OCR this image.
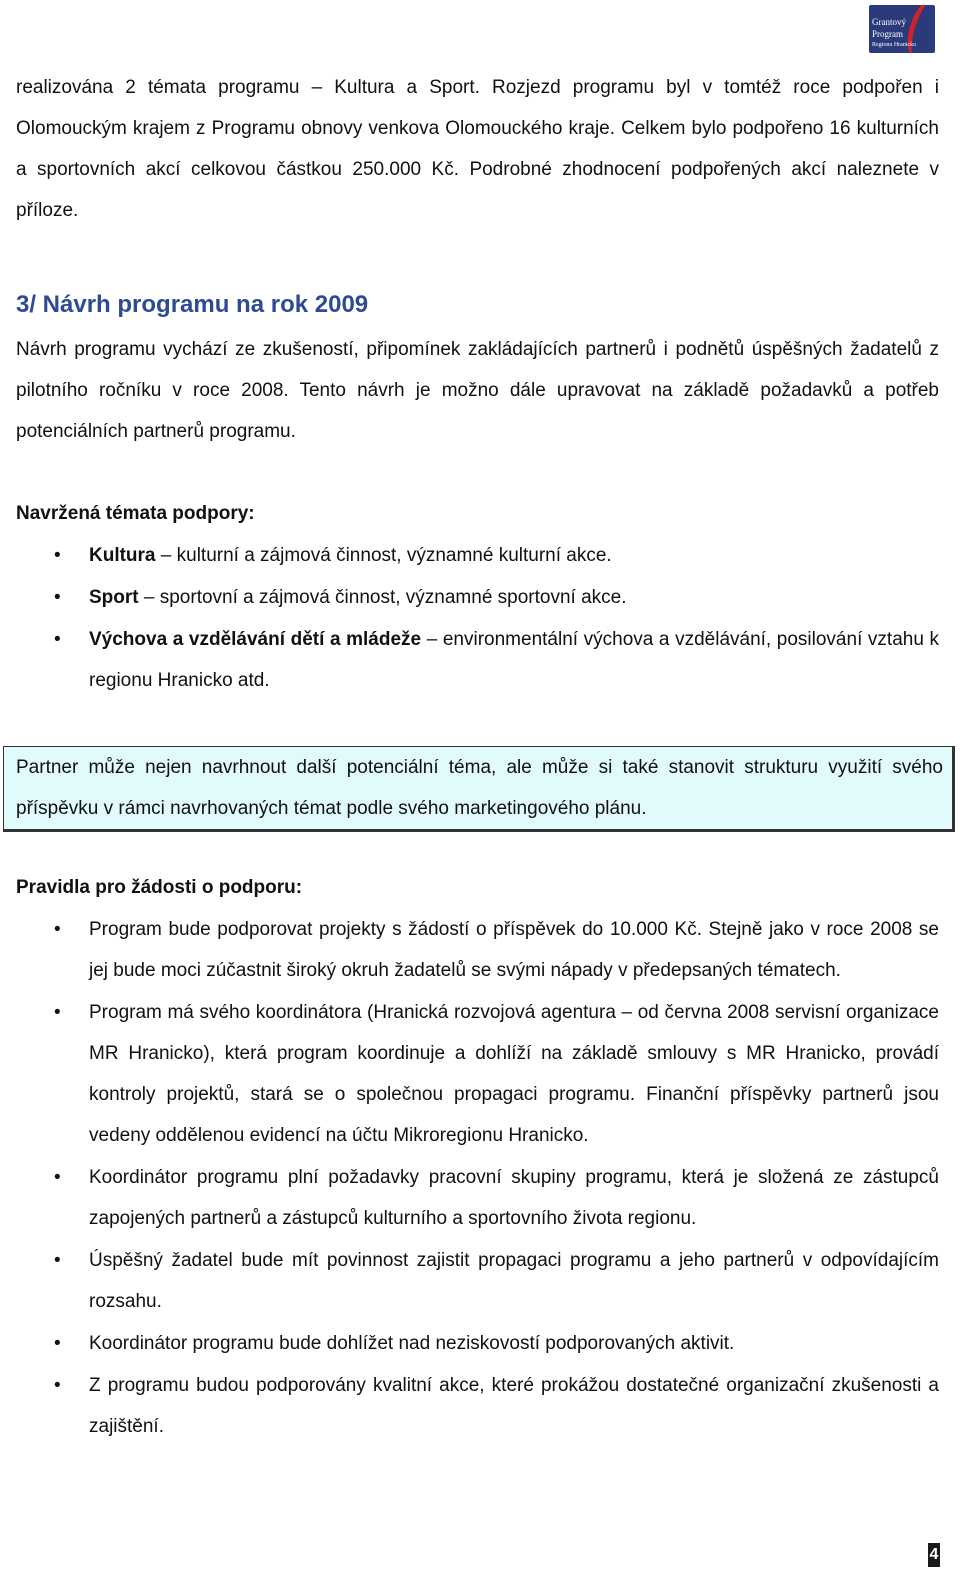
Grantový
Program
Regionu Hranicko

realizována 2 témata programu – Kultura a Sport. Rozjezd programu byl v tomtéž roce podpořen i Olomouckým krajem z Programu obnovy venkova Olomouckého kraje. Celkem bylo podpořeno 16 kulturních a sportovních akcí celkovou částkou 250.000 Kč. Podrobné zhodnocení podpořených akcí naleznete v příloze.

3/ Návrh programu na rok 2009

Návrh programu vychází ze zkušeností, připomínek zakládajících partnerů i podnětů úspěšných žadatelů z pilotního ročníku v roce 2008. Tento návrh je možno dále upravovat na základě požadavků a potřeb potenciálních partnerů programu.

Navržená témata podpory:
• Kultura – kulturní a zájmová činnost, významné kulturní akce.
• Sport – sportovní a zájmová činnost, významné sportovní akce.
• Výchova a vzdělávání dětí a mládeže – environmentální výchova a vzdělávání, posilování vztahu k regionu Hranicko atd.

Partner může nejen navrhnout další potenciální téma, ale může si také stanovit strukturu využití svého příspěvku v rámci navrhovaných témat podle svého marketingového plánu.

Pravidla pro žádosti o podporu:
• Program bude podporovat projekty s žádostí o příspěvek do 10.000 Kč. Stejně jako v roce 2008 se jej bude moci zúčastnit široký okruh žadatelů se svými nápady v předepsaných tématech.
• Program má svého koordinátora (Hranická rozvojová agentura – od června 2008 servisní organizace MR Hranicko), která program koordinuje a dohlíží na základě smlouvy s MR Hranicko, provádí kontroly projektů, stará se o společnou propagaci programu. Finanční příspěvky partnerů jsou vedeny oddělenou evidencí na účtu Mikroregionu Hranicko.
• Koordinátor programu plní požadavky pracovní skupiny programu, která je složená ze zástupců zapojených partnerů a zástupců kulturního a sportovního života regionu.
• Úspěšný žadatel bude mít povinnost zajistit propagaci programu a jeho partnerů v odpovídajícím rozsahu.
• Koordinátor programu bude dohlížet nad neziskovostí podporovaných aktivit.
• Z programu budou podporovány kvalitní akce, které prokážou dostatečné organizační zkušenosti a zajištění.
4
